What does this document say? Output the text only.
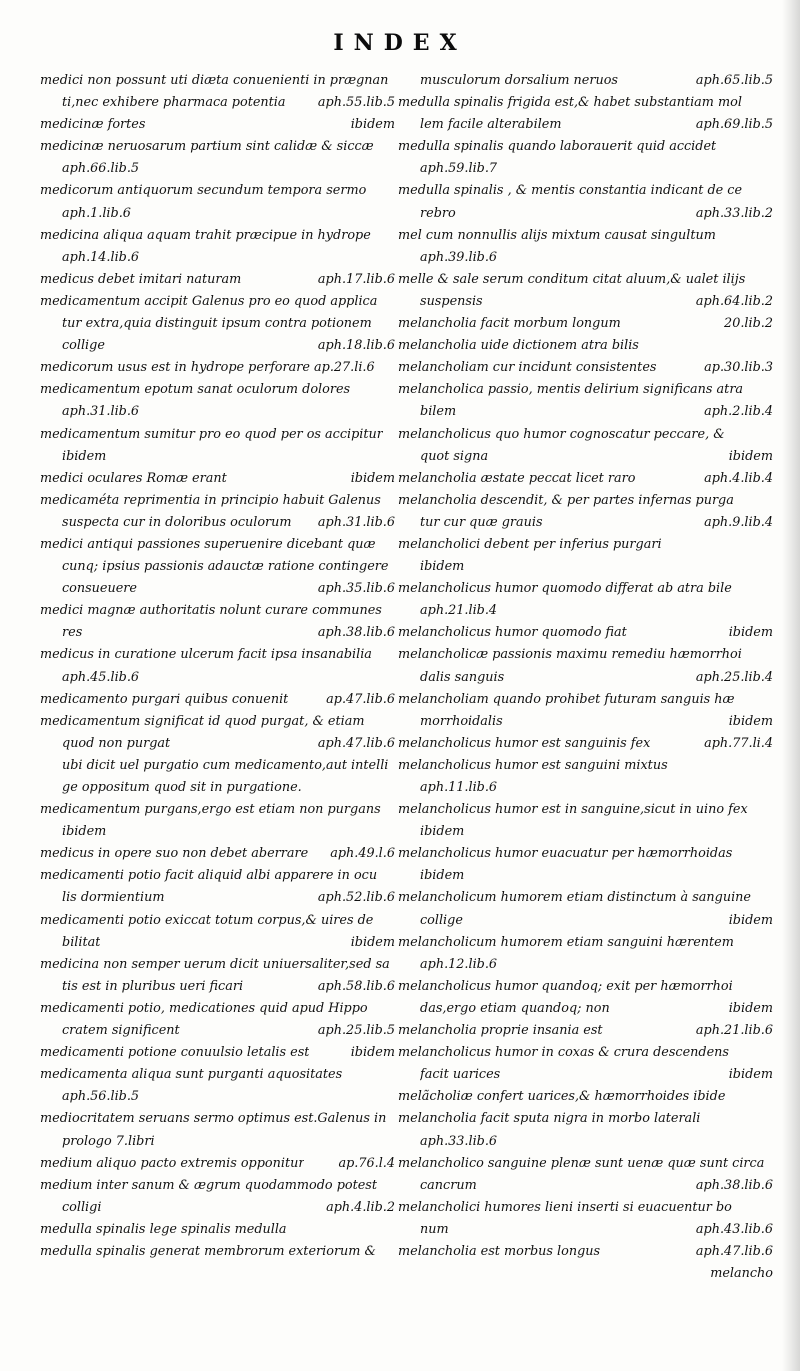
INDEX
medici non possunt uti diæta conuenienti in prægnan
ti,nec exhibere pharmaca potentia	aph.55.lib.5
medicinæ fortes	ibidem
medicinæ neruosarum partium sint calidæ & siccæ
aph.66.lib.5
medicorum antiquorum secundum tempora sermo
aph.1.lib.6
medicina aliqua aquam trahit præcipue in hydrope
aph.14.lib.6
medicus debet imitari naturam	aph.17.lib.6
medicamentum accipit Galenus pro eo quod applica
tur extra,quia distinguit ipsum contra potionem
collige	aph.18.lib.6
medicorum usus est in hydrope perforare ap.27.li.6
medicamentum epotum sanat oculorum dolores
aph.31.lib.6
medicamentum sumitur pro eo quod per os accipitur
ibidem
medici oculares Romæ erant	ibidem
medicaméta reprimentia in principio habuit Galenus
suspecta cur in doloribus oculorum	aph.31.lib.6
medici antiqui passiones superuenire dicebant quæ
cunq; ipsius passionis adauctæ ratione contingere
consueuere	aph.35.lib.6
medici magnæ authoritatis nolunt curare communes
res	aph.38.lib.6
medicus in curatione ulcerum facit ipsa insanabilia
aph.45.lib.6
medicamento purgari quibus conuenit	ap.47.lib.6
medicamentum significat id quod purgat, & etiam
quod non purgat	aph.47.lib.6
ubi dicit uel purgatio cum medicamento,aut intelli
ge oppositum quod sit in purgatione.
medicamentum purgans,ergo est etiam non purgans
ibidem
medicus in opere suo non debet aberrare	aph.49.l.6
medicamenti potio facit aliquid albi apparere in ocu
lis dormientium	aph.52.lib.6
medicamenti potio exiccat totum corpus,& uires de
bilitat	ibidem
medicina non semper uerum dicit uniuersaliter,sed sa
tis est in pluribus ueri ficari	aph.58.lib.6
medicamenti potio, medicationes quid apud Hippo
cratem significent	aph.25.lib.5
medicamenti potione conuulsio letalis est	ibidem
medicamenta aliqua sunt purganti aquositates
aph.56.lib.5
mediocritatem seruans sermo optimus est.Galenus in
prologo 7.libri
medium aliquo pacto extremis opponitur	ap.76.l.4
medium inter sanum & ægrum quodammodo potest
colligi	aph.4.lib.2
medulla spinalis lege spinalis medulla
medulla spinalis generat membrorum exteriorum &
musculorum dorsalium neruos	aph.65.lib.5
medulla spinalis frigida est,& habet substantiam mol
lem facile alterabilem	aph.69.lib.5
medulla spinalis quando laborauerit quid accidet
aph.59.lib.7
medulla spinalis , & mentis constantia indicant de ce
rebro	aph.33.lib.2
mel cum nonnullis alijs mixtum causat singultum
aph.39.lib.6
melle & sale serum conditum citat aluum,& ualet ilijs
suspensis	aph.64.lib.2
melancholia facit morbum longum	20.lib.2
melancholia uide dictionem atra bilis
melancholiam cur incidunt consistentes	ap.30.lib.3
melancholica passio, mentis delirium significans atra
bilem	aph.2.lib.4
melancholicus quo humor cognoscatur peccare, &
quot signa	ibidem
melancholia æstate peccat licet raro	aph.4.lib.4
melancholia descendit, & per partes infernas purga
tur cur quæ grauis	aph.9.lib.4
melancholici debent per inferius purgari
ibidem
melancholicus humor quomodo differat ab atra bile
aph.21.lib.4
melancholicus humor quomodo fiat	ibidem
melancholicæ passionis maximu remediu hæmorrhoi
dalis sanguis	aph.25.lib.4
melancholiam quando prohibet futuram sanguis hæ
morrhoidalis	ibidem
melancholicus humor est sanguinis fex	aph.77.li.4
melancholicus humor est sanguini mixtus
aph.11.lib.6
melancholicus humor est in sanguine,sicut in uino fex
ibidem
melancholicus humor euacuatur per hæmorrhoidas
ibidem
melancholicum humorem etiam distinctum à sanguine
collige	ibidem
melancholicum humorem etiam sanguini hærentem
aph.12.lib.6
melancholicus humor quandoq; exit per hæmorrhoi
das,ergo etiam quandoq; non	ibidem
melancholia proprie insania est	aph.21.lib.6
melancholicus humor in coxas & crura descendens
facit uarices	ibidem
melãcholiæ confert uarices,& hæmorrhoides ibide
melancholia facit sputa nigra in morbo laterali
aph.33.lib.6
melancholico sanguine plenæ sunt uenæ quæ sunt circa
cancrum	aph.38.lib.6
melancholici humores lieni inserti si euacuentur bo
num	aph.43.lib.6
melancholia est morbus longus	aph.47.lib.6
melancho
